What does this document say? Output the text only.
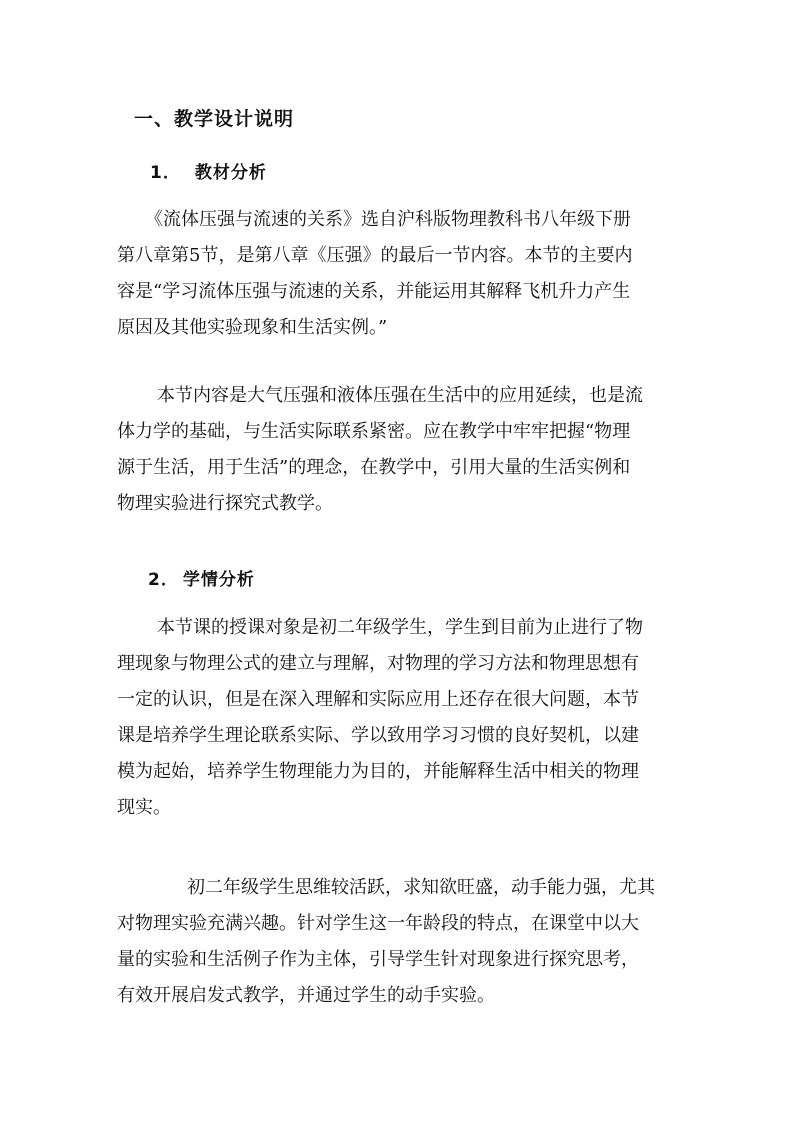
一、教学设计说明
1． 教材分析

《流体压强与流速的关系》选自沪科版物理教科书八年级下册

第八章第5节，是第八章《压强》的最后一节内容。本节的主要内

容是“学习流体压强与流速的关系，并能运用其解释飞机升力产生

原因及其他实验现象和生活实例。”

本节内容是大气压强和液体压强在生活中的应用延续，也是流

体力学的基础，与生活实际联系紧密。应在教学中牢牢把握“物理

源于生活，用于生活”的理念，在教学中，引用大量的生活实例和

物理实验进行探究式教学。

2． 学情分析

本节课的授课对象是初二年级学生，学生到目前为止进行了物

理现象与物理公式的建立与理解，对物理的学习方法和物理思想有

一定的认识，但是在深入理解和实际应用上还存在很大问题，本节

课是培养学生理论联系实际、学以致用学习习惯的良好契机，以建

模为起始，培养学生物理能力为目的，并能解释生活中相关的物理

现实。

初二年级学生思维较活跃，求知欲旺盛，动手能力强，尤其

对物理实验充满兴趣。针对学生这一年龄段的特点，在课堂中以大

量的实验和生活例子作为主体，引导学生针对现象进行探究思考，

有效开展启发式教学，并通过学生的动手实验。
